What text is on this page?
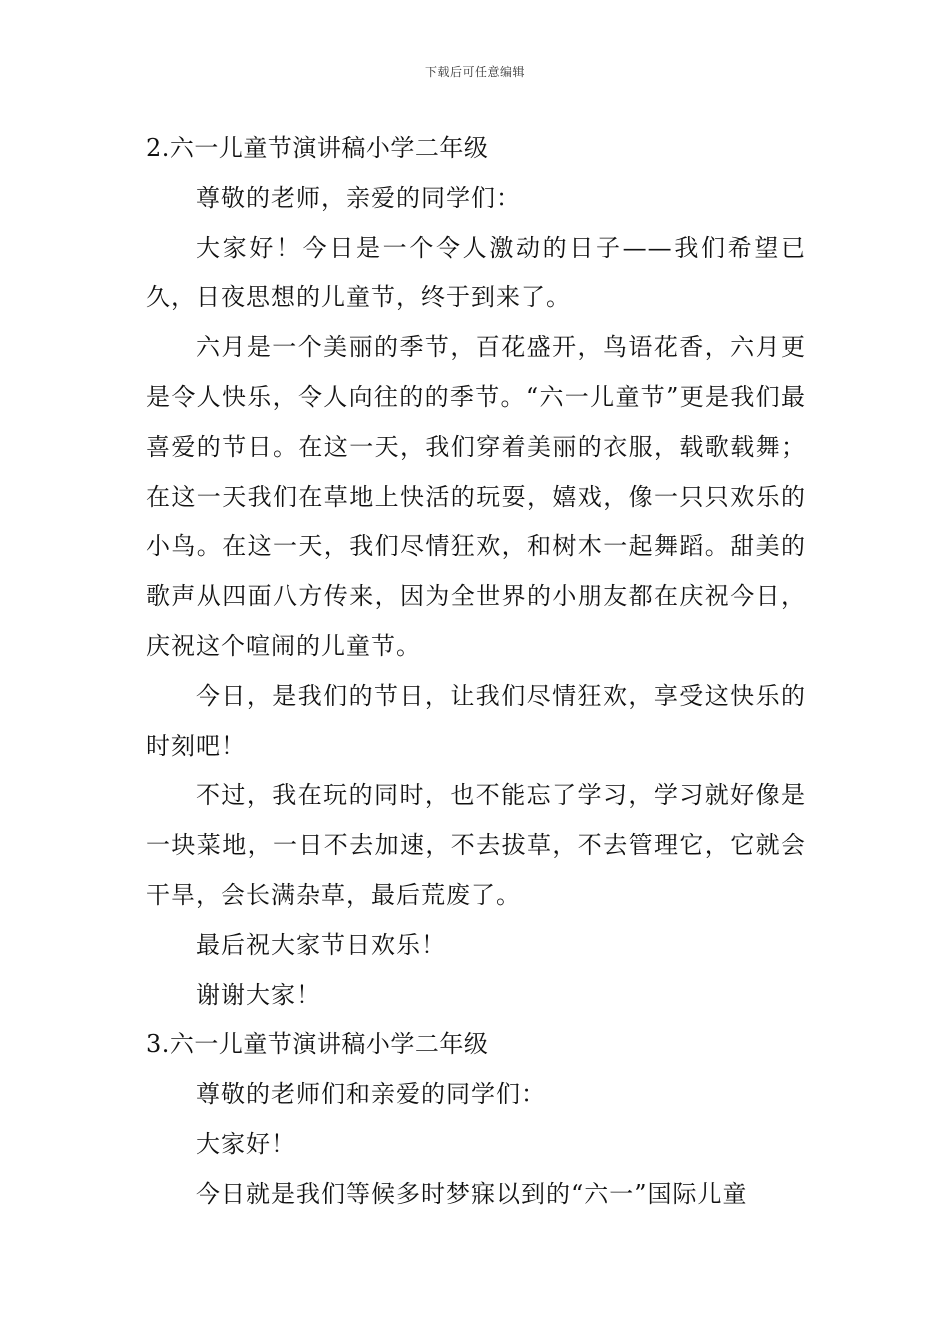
下载后可任意编辑

2.六一儿童节演讲稿小学二年级

尊敬的老师，亲爱的同学们：

大家好！今日是一个令人激动的日子——我们希望已久，日夜思想的儿童节，终于到来了。

六月是一个美丽的季节，百花盛开，鸟语花香，六月更是令人快乐，令人向往的的季节。“六一儿童节”更是我们最喜爱的节日。在这一天，我们穿着美丽的衣服，载歌载舞；在这一天我们在草地上快活的玩耍，嬉戏，像一只只欢乐的小鸟。在这一天，我们尽情狂欢，和树木一起舞蹈。甜美的歌声从四面八方传来，因为全世界的小朋友都在庆祝今日，庆祝这个喧闹的儿童节。

今日，是我们的节日，让我们尽情狂欢，享受这快乐的时刻吧！

不过，我在玩的同时，也不能忘了学习，学习就好像是一块菜地，一日不去加速，不去拔草，不去管理它，它就会干旱，会长满杂草，最后荒废了。

最后祝大家节日欢乐！

谢谢大家！

3.六一儿童节演讲稿小学二年级

尊敬的老师们和亲爱的同学们：

大家好！

今日就是我们等候多时梦寐以到的“六一”国际儿童
